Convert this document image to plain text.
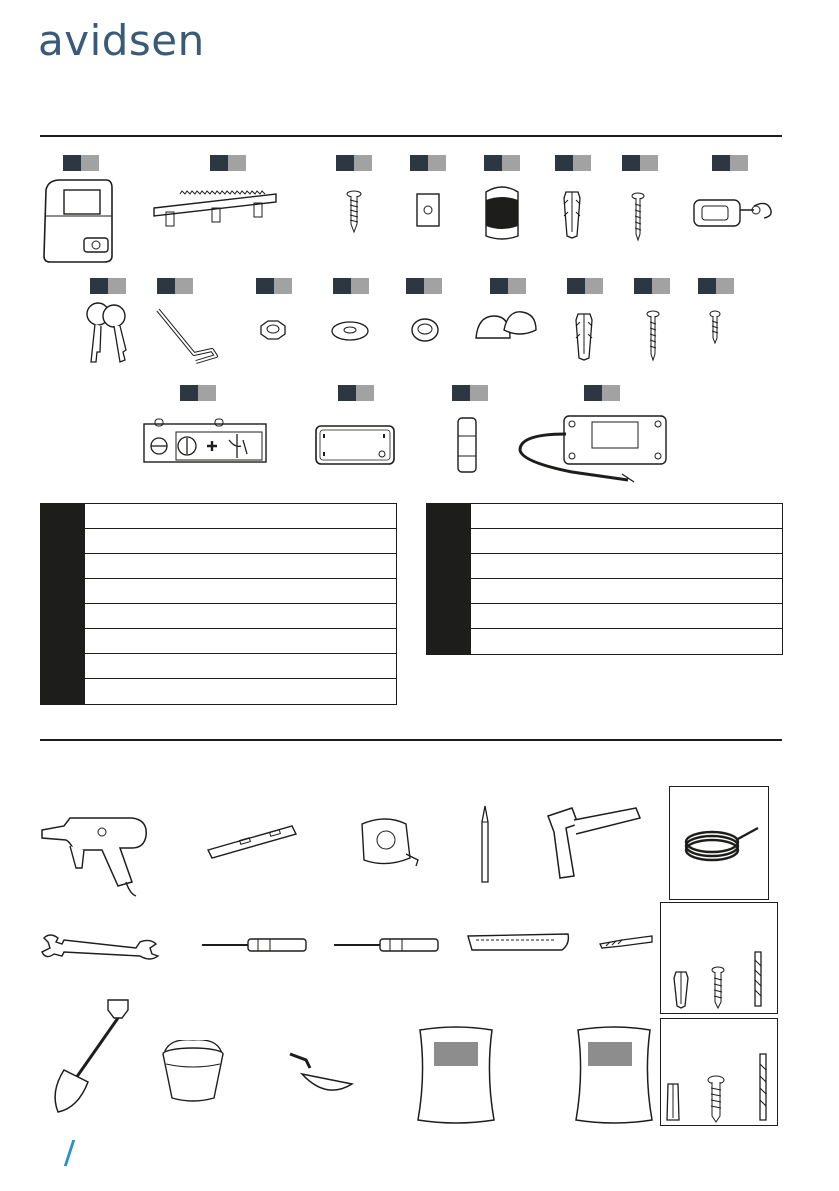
avidsen
